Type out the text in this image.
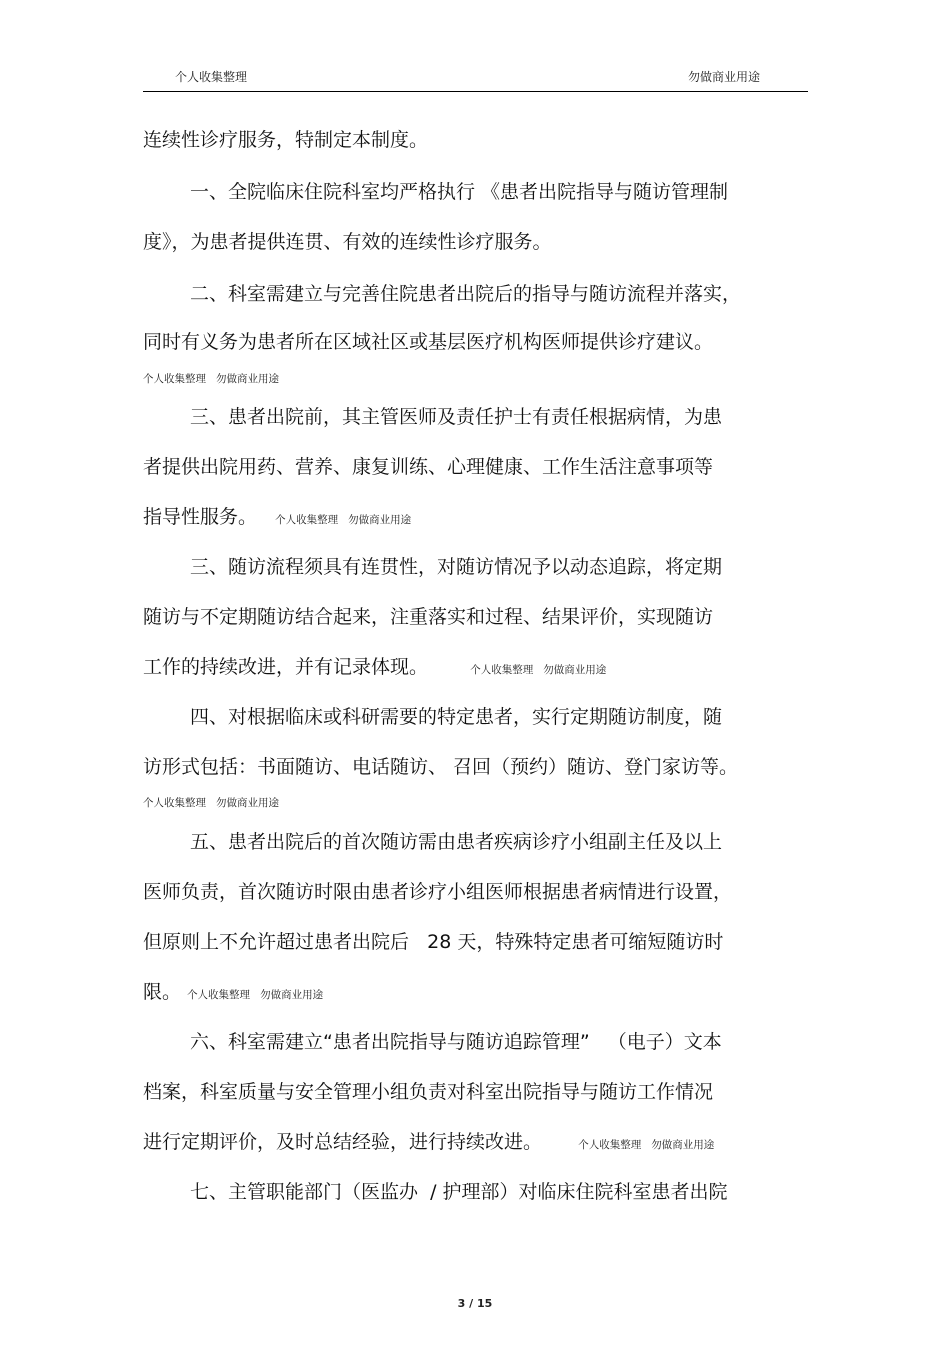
个人收集整理	勿做商业用途
连续性诊疗服务，特制定本制度。
一、全院临床住院科室均严格执行 《患者出院指导与随访管理制
度》，为患者提供连贯、有效的连续性诊疗服务。
二、科室需建立与完善住院患者出院后的指导与随访流程并落实，
同时有义务为患者所在区域社区或基层医疗机构医师提供诊疗建议。
个人收集整理   勿做商业用途
三、患者出院前，其主管医师及责任护士有责任根据病情，为患
者提供出院用药、营养、康复训练、心理健康、工作生活注意事项等
指导性服务。 个人收集整理   勿做商业用途
三、随访流程须具有连贯性，对随访情况予以动态追踪，将定期
随访与不定期随访结合起来，注重落实和过程、结果评价，实现随访
工作的持续改进，并有记录体现。	个人收集整理   勿做商业用途
四、对根据临床或科研需要的特定患者，实行定期随访制度，随
访形式包括：书面随访、电话随访、 召回（预约）随访、登门家访等。
个人收集整理   勿做商业用途
五、患者出院后的首次随访需由患者疾病诊疗小组副主任及以上
医师负责，首次随访时限由患者诊疗小组医师根据患者病情进行设置，
但原则上不允许超过患者出院后   28 天，特殊特定患者可缩短随访时
限。 个人收集整理   勿做商业用途
六、科室需建立“患者出院指导与随访追踪管理”   （电子）文本
档案，科室质量与安全管理小组负责对科室出院指导与随访工作情况
进行定期评价，及时总结经验，进行持续改进。	个人收集整理   勿做商业用途
七、主管职能部门（医监办  / 护理部）对临床住院科室患者出院
3 / 15
